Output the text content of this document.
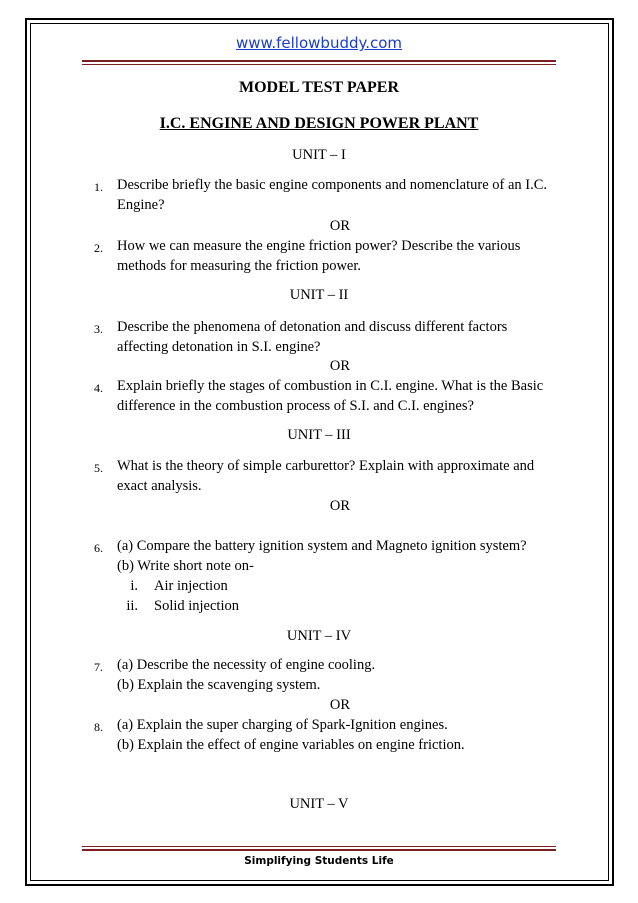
www.fellowbuddy.com
MODEL TEST PAPER
I.C. ENGINE AND DESIGN POWER PLANT
UNIT – I
1. Describe briefly the basic engine components and nomenclature of an I.C.
Engine?
OR
2. How we can measure the engine friction power? Describe the various
methods for measuring the friction power.
UNIT – II
3. Describe the phenomena of detonation and discuss different factors
affecting detonation in S.I. engine?
OR
4. Explain briefly the stages of combustion in C.I. engine. What is the Basic
difference in the combustion process of S.I. and C.I. engines?
UNIT – III
5. What is the theory of simple carburettor? Explain with approximate and
exact analysis.
OR
6. (a) Compare the battery ignition system and Magneto ignition system?
(b) Write short note on-
i. Air injection
ii. Solid injection
UNIT – IV
7. (a) Describe the necessity of engine cooling.
(b) Explain the scavenging system.
OR
8. (a) Explain the super charging of Spark-Ignition engines.
(b) Explain the effect of engine variables on engine friction.
UNIT – V
Simplifying Students Life
